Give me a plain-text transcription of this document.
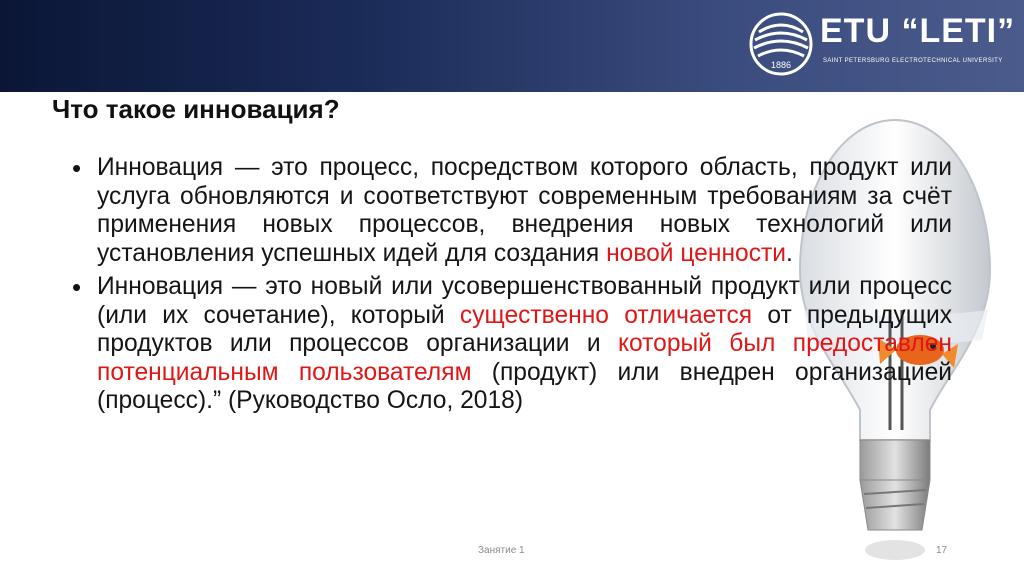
1886
ETU “LETI”
SAINT PETERSBURG ELECTROTECHNICAL UNIVERSITY
Что такое инновация?
• Инновация — это процесс, посредством которого область, продукт или услуга обновляются и соответствуют современным требованиям за счёт применения новых процессов, внедрения новых технологий или установления успешных идей для создания новой ценности.
• Инновация — это новый или усовершенствованный продукт или процесс (или их сочетание), который существенно отличается от предыдущих продуктов или процессов организации и который был предоставлен потенциальным пользователям (продукт) или внедрен организацией (процесс).” (Руководство Осло, 2018)
Занятие 1	17
